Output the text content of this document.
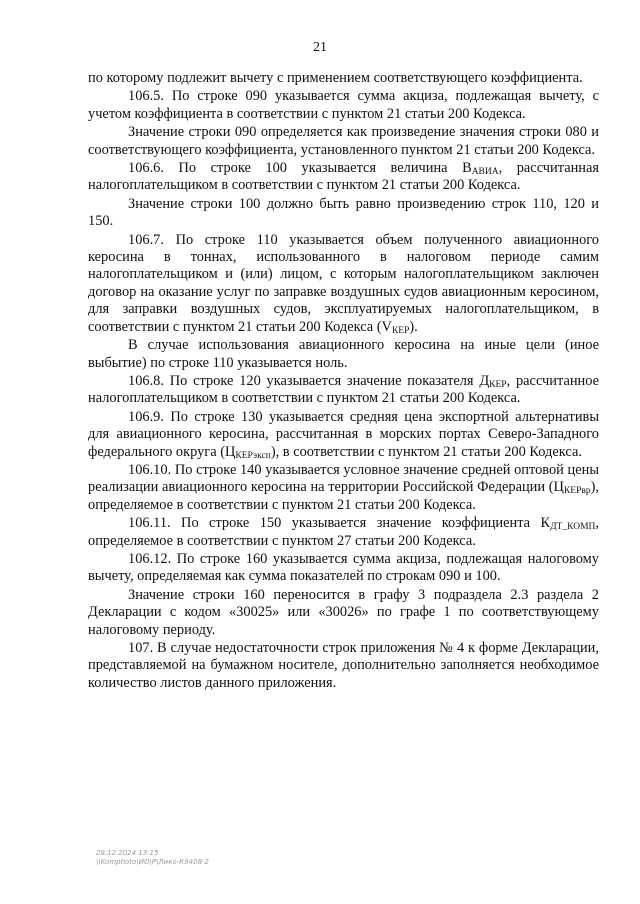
21

по котором​у подлежит вычету с применением соответствующего коэффициента.

106.5. По строке 090 указывается сумма акциза, подлежащая вычету, с учетом коэффициента в соответствии с пунктом 21 статьи 200 Кодекса.

Значение строки 090 определяется как произведение значения строки 080 и соответствующего коэффициента, установленного пунктом 21 статьи 200 Кодекса.

106.6. По строке 100 указывается величина $В_{АВИА}$, рассчитанная налогоплательщиком в соответствии с пунктом 21 статьи 200 Кодекса.

Значение строки 100 должно быть равно произведению строк 110, 120 и 150.

106.7. По строке 110 указывается объем полученного авиационного керосина в тоннах, использованного в налоговом периоде самим налогоплательщиком и (или) лицом, с которым налогоплательщиком заключен договор на оказание услуг по заправке воздушных судов авиационным керосином, для заправки воздушных судов, эксплуатируемых налогоплательщиком, в соответствии с пунктом 21 статьи 200 Кодекса $(V_{КЕР})$.

В случае использования авиационного керосина на иные цели (иное выбытие) по строке 110 указывается ноль.

106.8. По строке 120 указывается значение показателя $Д_{КЕР}$, рассчитанное налогоплательщиком в соответствии с пунктом 21 статьи 200 Кодекса.

106.9. По строке 130 указывается средняя цена экспортной альтернативы для авиационного керосина, рассчитанная в морских портах Северо-Западного федерального округа $(Ц_{КЕРэксп})$, в соответствии с пунктом 21 статьи 200 Кодекса.

106.10. По строке 140 указывается условное значение средней оптовой цены реализации авиационного керосина на территории Российской Федерации $(Ц_{КЕРвр})$, определяемое в соответствии с пунктом 21 статьи 200 Кодекса.

106.11. По строке 150 указывается значение коэффициента $К_{ДТ\_КОМП}$, определяемое в соответствии с пунктом 27 статьи 200 Кодекса.

106.12. По строке 160 указывается сумма акциза, подлежащая налоговому вычету, определяемая как сумма показателей по строкам 090 и 100.

Значение строки 160 переносится в графу 3 подраздела 2.3 раздела 2 Декларации с кодом «30025» или «30026» по графе 1 по соответствующему налоговому периоду.

107. В случае недостаточности строк приложения № 4 к форме Декларации, представляемой на бумажном носителе, дополнительно заполняется необходимое количество листов данного приложения.

28.12.2024 13:15
\\Komphoto\ИО\Р\Лико-К9408-2
